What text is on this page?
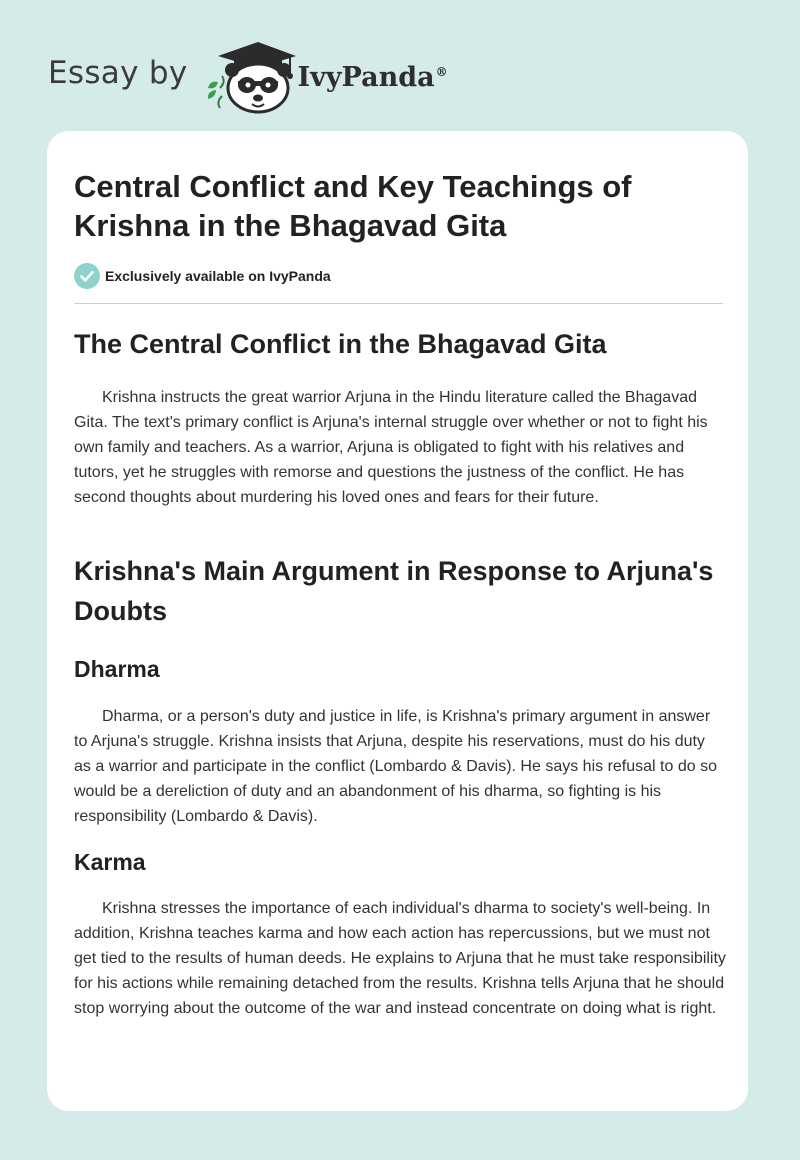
Essay by	IvyPanda®
Central Conflict and Key Teachings of Krishna in the Bhagavad Gita
Exclusively available on IvyPanda
The Central Conflict in the Bhagavad Gita

Krishna instructs the great warrior Arjuna in the Hindu literature called the Bhagavad Gita. The text's primary conflict is Arjuna's internal struggle over whether or not to fight his own family and teachers. As a warrior, Arjuna is obligated to fight with his relatives and tutors, yet he struggles with remorse and questions the justness of the conflict. He has second thoughts about murdering his loved ones and fears for their future.

Krishna's Main Argument in Response to Arjuna's Doubts
Dharma

Dharma, or a person's duty and justice in life, is Krishna's primary argument in answer to Arjuna's struggle. Krishna insists that Arjuna, despite his reservations, must do his duty as a warrior and participate in the conflict (Lombardo & Davis). He says his refusal to do so would be a dereliction of duty and an abandonment of his dharma, so fighting is his responsibility (Lombardo & Davis).

Karma

Krishna stresses the importance of each individual's dharma to society's well-being. In addition, Krishna teaches karma and how each action has repercussions, but we must not get tied to the results of human deeds. He explains to Arjuna that he must take responsibility for his actions while remaining detached from the results. Krishna tells Arjuna that he should stop worrying about the outcome of the war and instead concentrate on doing what is right.
